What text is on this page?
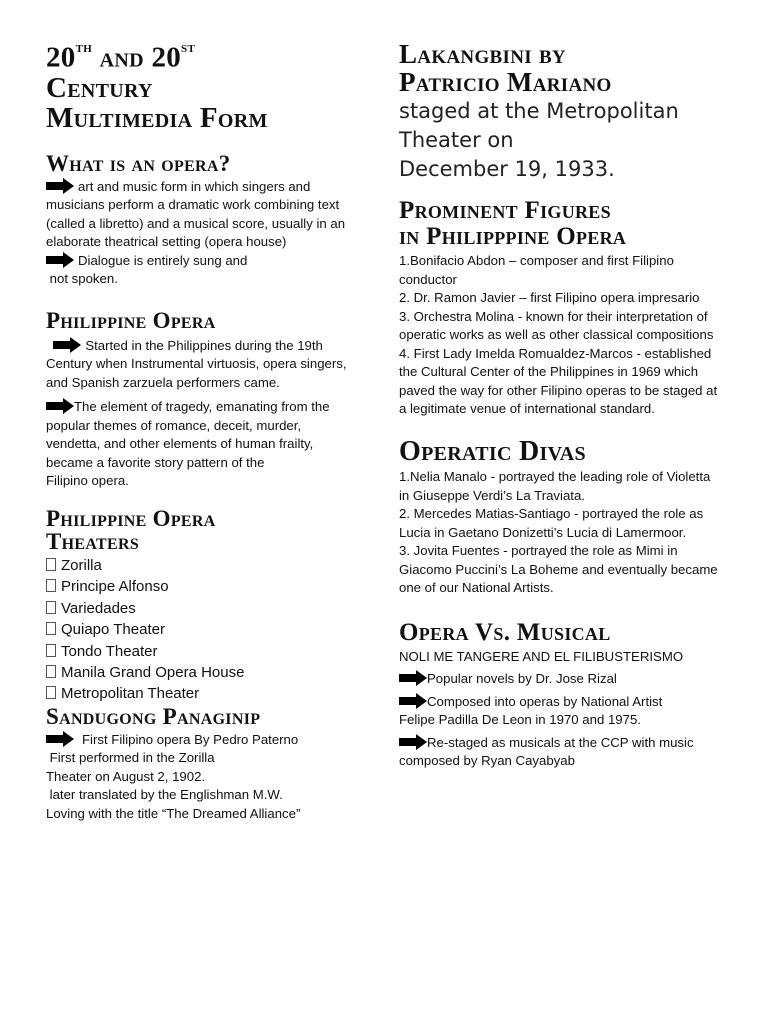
20th and 20st
Century
Multimedia Form
What is an opera?

art and music form in which singers and musicians perform a dramatic work combining text (called a libretto) and a musical score, usually in an elaborate theatrical setting (opera house)

Dialogue is entirely sung and
not spoken.

Philippine Opera

Started in the Philippines during the 19th
Century when Instrumental virtuosis, opera singers, and Spanish zarzuela performers came.

The element of tragedy, emanating from the
popular themes of romance, deceit, murder,
vendetta, and other elements of human frailty, became a favorite story pattern of the
Filipino opera.

Philippine Opera
Theaters
Zorilla
Principe Alfonso
Variedades
Quiapo Theater
Tondo Theater
Manila Grand Opera House
Metropolitan Theater
Sandugong Panaginip

First Filipino opera By Pedro Paterno
First performed in the Zorilla
Theater on August 2, 1902.
later translated by the Englishman M.W.
Loving with the title “The Dreamed Alliance”

Lakangbini by
Patricio Mariano

staged at the Metropolitan
Theater on
December 19, 1933.

Prominent Figures
in Philipppine Opera
1.Bonifacio Abdon – composer and first Filipino conductor
2. Dr. Ramon Javier – first Filipino opera impresario
3. Orchestra Molina - known for their interpretation of operatic works as well as other classical compositions
4. First Lady Imelda Romualdez-Marcos - established the Cultural Center of the Philippines in 1969 which paved the way for other Filipino operas to be staged at a legitimate venue of international standard.
Operatic Divas
1.Nelia Manalo - portrayed the leading role of Violetta in Giuseppe Verdi’s La Traviata.
2. Mercedes Matias-Santiago - portrayed the role as Lucia in Gaetano Donizetti’s Lucia di Lamermoor.
3. Jovita Fuentes - portrayed the role as Mimi in Giacomo Puccini’s La Boheme and eventually became one of our National Artists.
Opera Vs. Musical

NOLI ME TANGERE AND EL FILIBUSTERISMO

Popular novels by Dr. Jose Rizal

Composed into operas by National Artist
Felipe Padilla De Leon in 1970 and 1975.

Re-staged as musicals at the CCP with music
composed by Ryan Cayabyab
